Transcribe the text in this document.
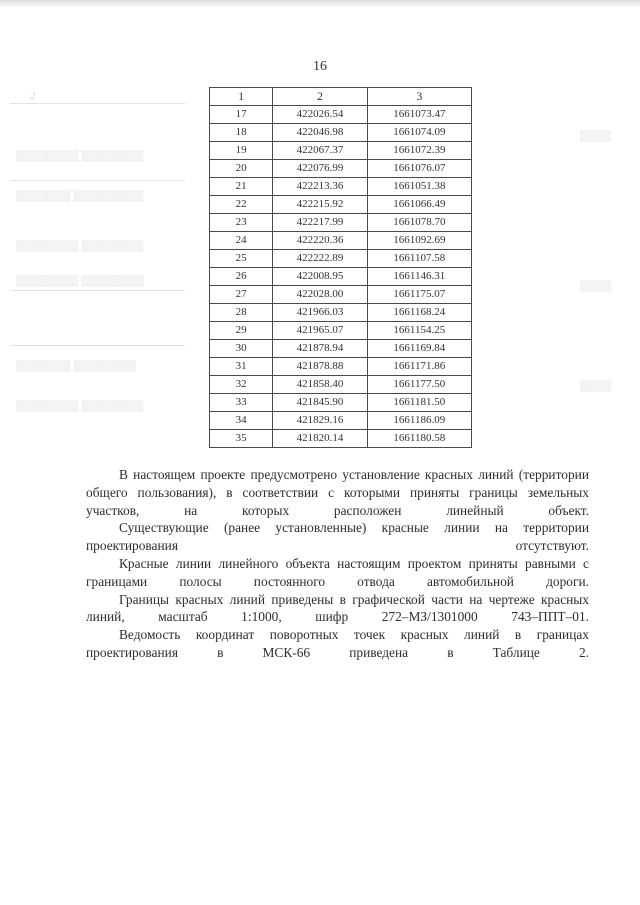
2
▒▒▒▒▒▒▒▒ ▒▒▒▒▒▒▒▒
▒▒▒▒▒▒▒ ▒▒▒▒▒▒▒▒▒
▒▒▒▒▒▒▒▒ ▒▒▒▒▒▒▒▒
▒▒▒▒▒▒▒▒ ▒▒▒▒▒▒▒▒
▒▒▒▒▒▒▒ ▒▒▒▒▒▒▒▒
▒▒▒▒▒▒▒▒ ▒▒▒▒▒▒▒▒
▒▒▒▒
▒▒▒▒
▒▒▒▒
16
1	2	3
17	422026.54	1661073.47
18	422046.98	1661074.09
19	422067.37	1661072.39
20	422076.99	1661076.07
21	422213.36	1661051.38
22	422215.92	1661066.49
23	422217.99	1661078.70
24	422220.36	1661092.69
25	422222.89	1661107.58
26	422008.95	1661146.31
27	422028.00	1661175.07
28	421966.03	1661168.24
29	421965.07	1661154.25
30	421878.94	1661169.84
31	421878.88	1661171.86
32	421858.40	1661177.50
33	421845.90	1661181.50
34	421829.16	1661186.09
35	421820.14	1661180.58

В настоящем проекте предусмотрено установление красных линий (территории общего пользования), в соответствии с которыми приняты границы земельных участков, на которых расположен линейный объект.

Существующие (ранее установленные) красные линии на территории проектирования отсутствуют.

Красные линии линейного объекта настоящим проектом приняты равными с границами полосы постоянного отвода автомобильной дороги.

Границы красных линий приведены в графической части на чертеже красных линий, масштаб 1:1000, шифр 272–МЗ/1301000 743–ППТ–01.

Ведомость координат поворотных точек красных линий в границах проектирования в МСК-66 приведена в Таблице 2.
